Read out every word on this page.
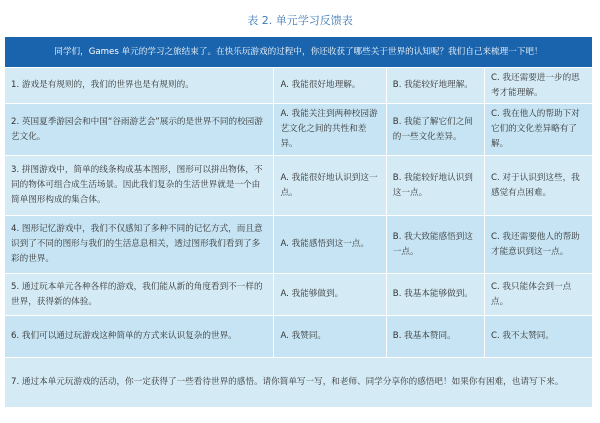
表 2. 单元学习反馈表
同学们，Games 单元的学习之旅结束了。在快乐玩游戏的过程中，你还收获了哪些关于世界的认知呢？我们自己来梳理一下吧！			
1. 游戏是有规则的，我们的世界也是有规则的。	A. 我能很好地理解。	B. 我能较好地理解。	C. 我还需要进一步的思考才能理解。
2. 英国夏季游园会和中国“谷雨游艺会”展示的是世界不同的校园游艺文化。	A. 我能关注到两种校园游艺文化之间的共性和差异。	B. 我能了解它们之间的一些文化差异。	C. 我在他人的帮助下对它们的文化差异略有了解。
3. 拼图游戏中，简单的线条构成基本图形，图形可以拼出物体，不同的物体可组合成生活场景。因此我们复杂的生活世界就是一个由简单图形构成的集合体。	A. 我能很好地认识到这一点。	B. 我能较好地认识到这一点。	C. 对于认识到这些，我感觉有点困难。
4. 图形记忆游戏中，我们不仅感知了多种不同的记忆方式，而且意识到了不同的图形与我们的生活息息相关，透过图形我们看到了多彩的世界。	A. 我能感悟到这一点。	B. 我大致能感悟到这一点。	C. 我还需要他人的帮助才能意识到这一点。
5. 通过玩本单元各种各样的游戏，我们能从新的角度看到不一样的世界，获得新的体验。	A. 我能够做到。	B. 我基本能够做到。	C. 我只能体会到一点点。
6. 我们可以通过玩游戏这种简单的方式来认识复杂的世界。	A. 我赞同。	B. 我基本赞同。	C. 我不太赞同。
7. 通过本单元玩游戏的活动，你一定获得了一些看待世界的感悟。请你简单写一写，和老师、同学分享你的感悟吧！如果你有困难，也请写下来。			
